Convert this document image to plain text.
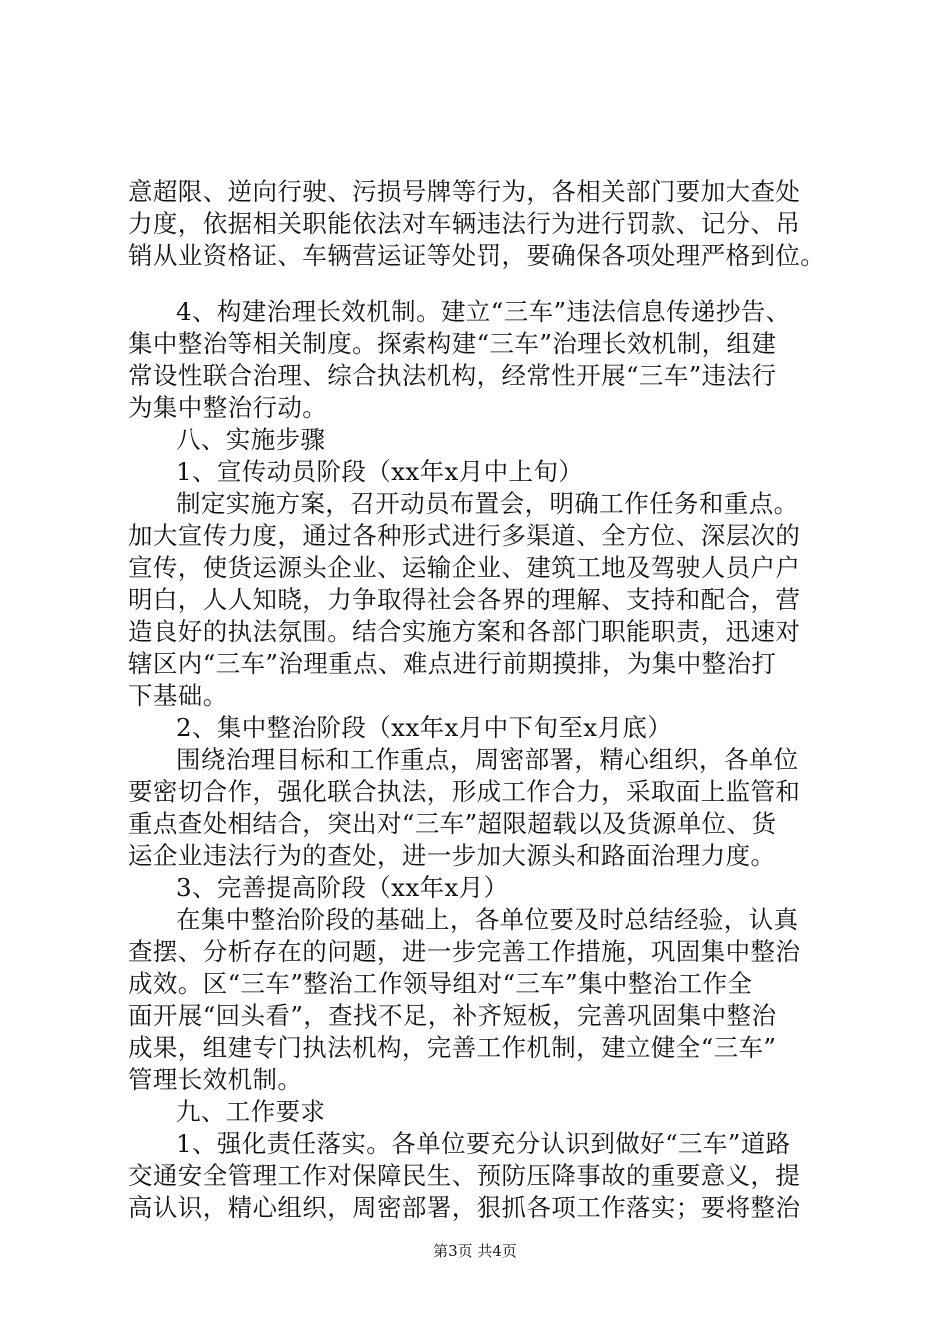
意超限、逆向行驶、污损号牌等行为，各相关部门要加大查处
力度，依据相关职能依法对车辆违法行为进行罚款、记分、吊
销从业资格证、车辆营运证等处罚，要确保各项处理严格到位。
4、构建治理长效机制。建立“三车”违法信息传递抄告、
集中整治等相关制度。探索构建“三车”治理长效机制，组建
常设性联合治理、综合执法机构，经常性开展“三车”违法行
为集中整治行动。
八、实施步骤
1、宣传动员阶段（xx年x月中上旬）
制定实施方案，召开动员布置会，明确工作任务和重点。
加大宣传力度，通过各种形式进行多渠道、全方位、深层次的
宣传，使货运源头企业、运输企业、建筑工地及驾驶人员户户
明白，人人知晓，力争取得社会各界的理解、支持和配合，营
造良好的执法氛围。结合实施方案和各部门职能职责，迅速对
辖区内“三车”治理重点、难点进行前期摸排，为集中整治打
下基础。
2、集中整治阶段（xx年x月中下旬至x月底）
围绕治理目标和工作重点，周密部署，精心组织，各单位
要密切合作，强化联合执法，形成工作合力，采取面上监管和
重点查处相结合，突出对“三车”超限超载以及货源单位、货
运企业违法行为的查处，进一步加大源头和路面治理力度。
3、完善提高阶段（xx年x月）
在集中整治阶段的基础上，各单位要及时总结经验，认真
查摆、分析存在的问题，进一步完善工作措施，巩固集中整治
成效。区“三车”整治工作领导组对“三车”集中整治工作全
面开展“回头看”，查找不足，补齐短板，完善巩固集中整治
成果，组建专门执法机构，完善工作机制，建立健全“三车”
管理长效机制。
九、工作要求
1、强化责任落实。各单位要充分认识到做好“三车”道路
交通安全管理工作对保障民生、预防压降事故的重要意义，提
高认识，精心组织，周密部署，狠抓各项工作落实；要将整治
第3页 共4页
